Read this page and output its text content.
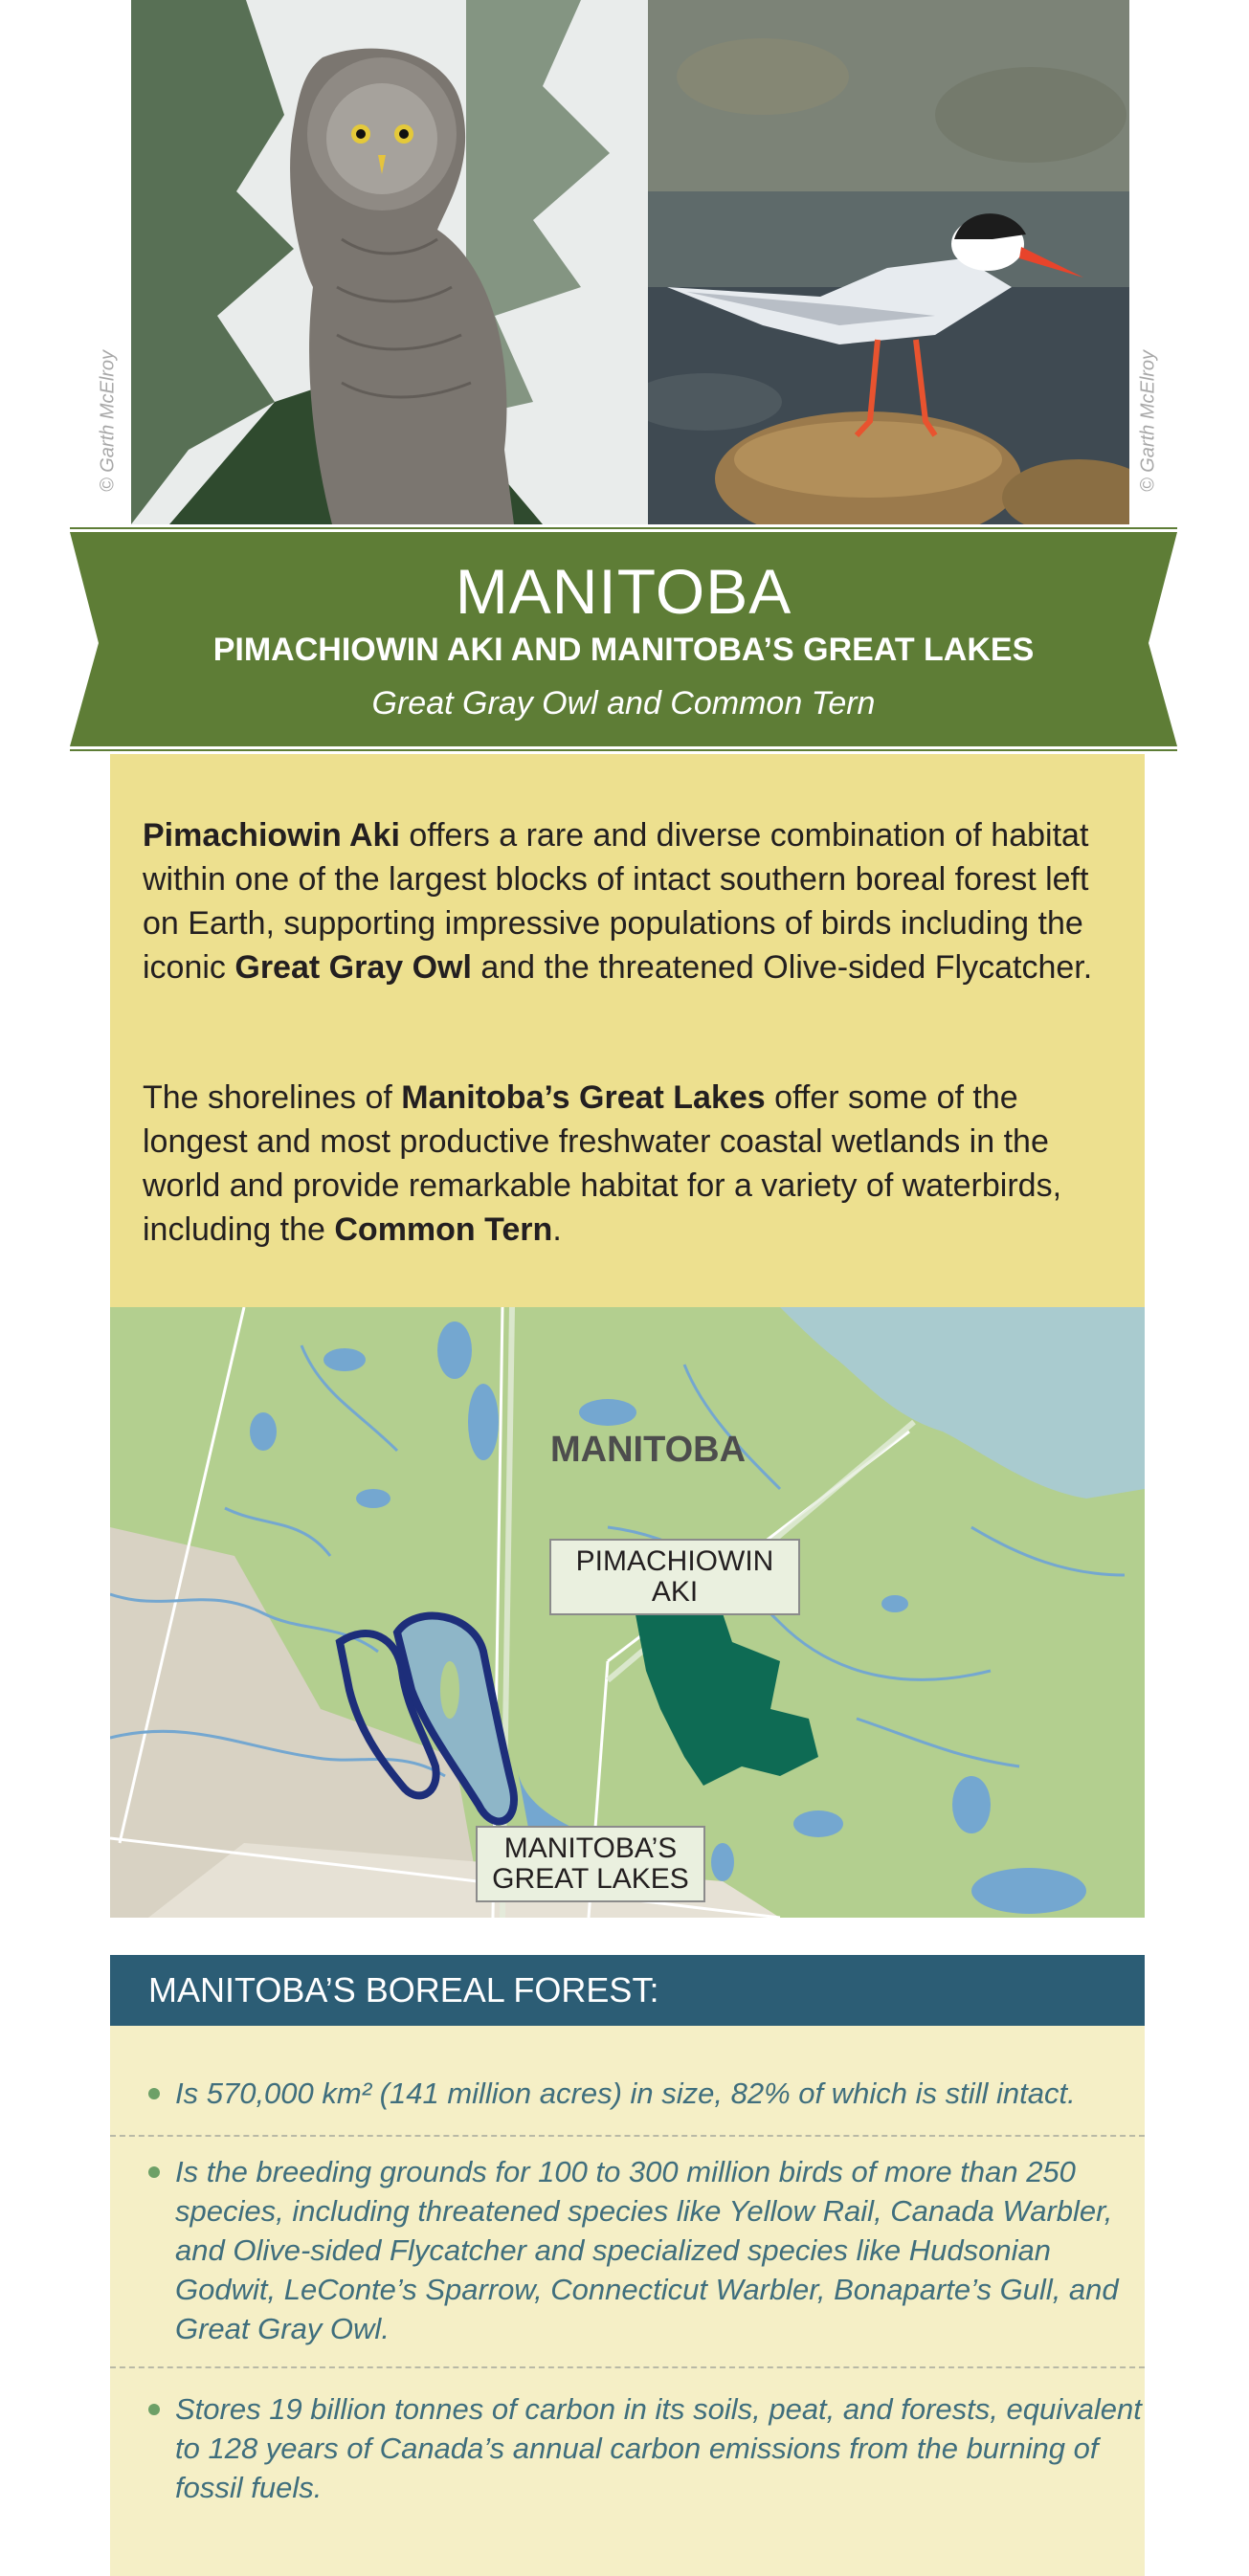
© Garth McElroy	© Garth McElroy
MANITOBA
PIMACHIOWIN AKI AND MANITOBA’S GREAT LAKES
Great Gray Owl and Common Tern

Pimachiowin Aki offers a rare and diverse combination of habitat within one of the largest blocks of intact southern boreal forest left on Earth, supporting impressive populations of birds including the iconic Great Gray Owl and the threatened Olive-sided Flycatcher.

The shorelines of Manitoba’s Great Lakes offer some of the longest and most productive freshwater coastal wetlands in the world and provide remarkable habitat for a variety of waterbirds, including the Common Tern.

MANITOBA
PIMACHIOWIN AKI
MANITOBA’S GREAT LAKES
MANITOBA’S BOREAL FOREST:
Is 570,000 km² (141 million acres) in size, 82% of which is still intact.
Is the breeding grounds for 100 to 300 million birds of more than 250 species, including threatened species like Yellow Rail, Canada Warbler, and Olive-sided Flycatcher and specialized species like Hudsonian Godwit, LeConte’s Sparrow, Connecticut Warbler, Bonaparte’s Gull, and Great Gray Owl.
Stores 19 billion tonnes of carbon in its soils, peat, and forests, equivalent to 128 years of Canada’s annual carbon emissions from the burning of fossil fuels.
